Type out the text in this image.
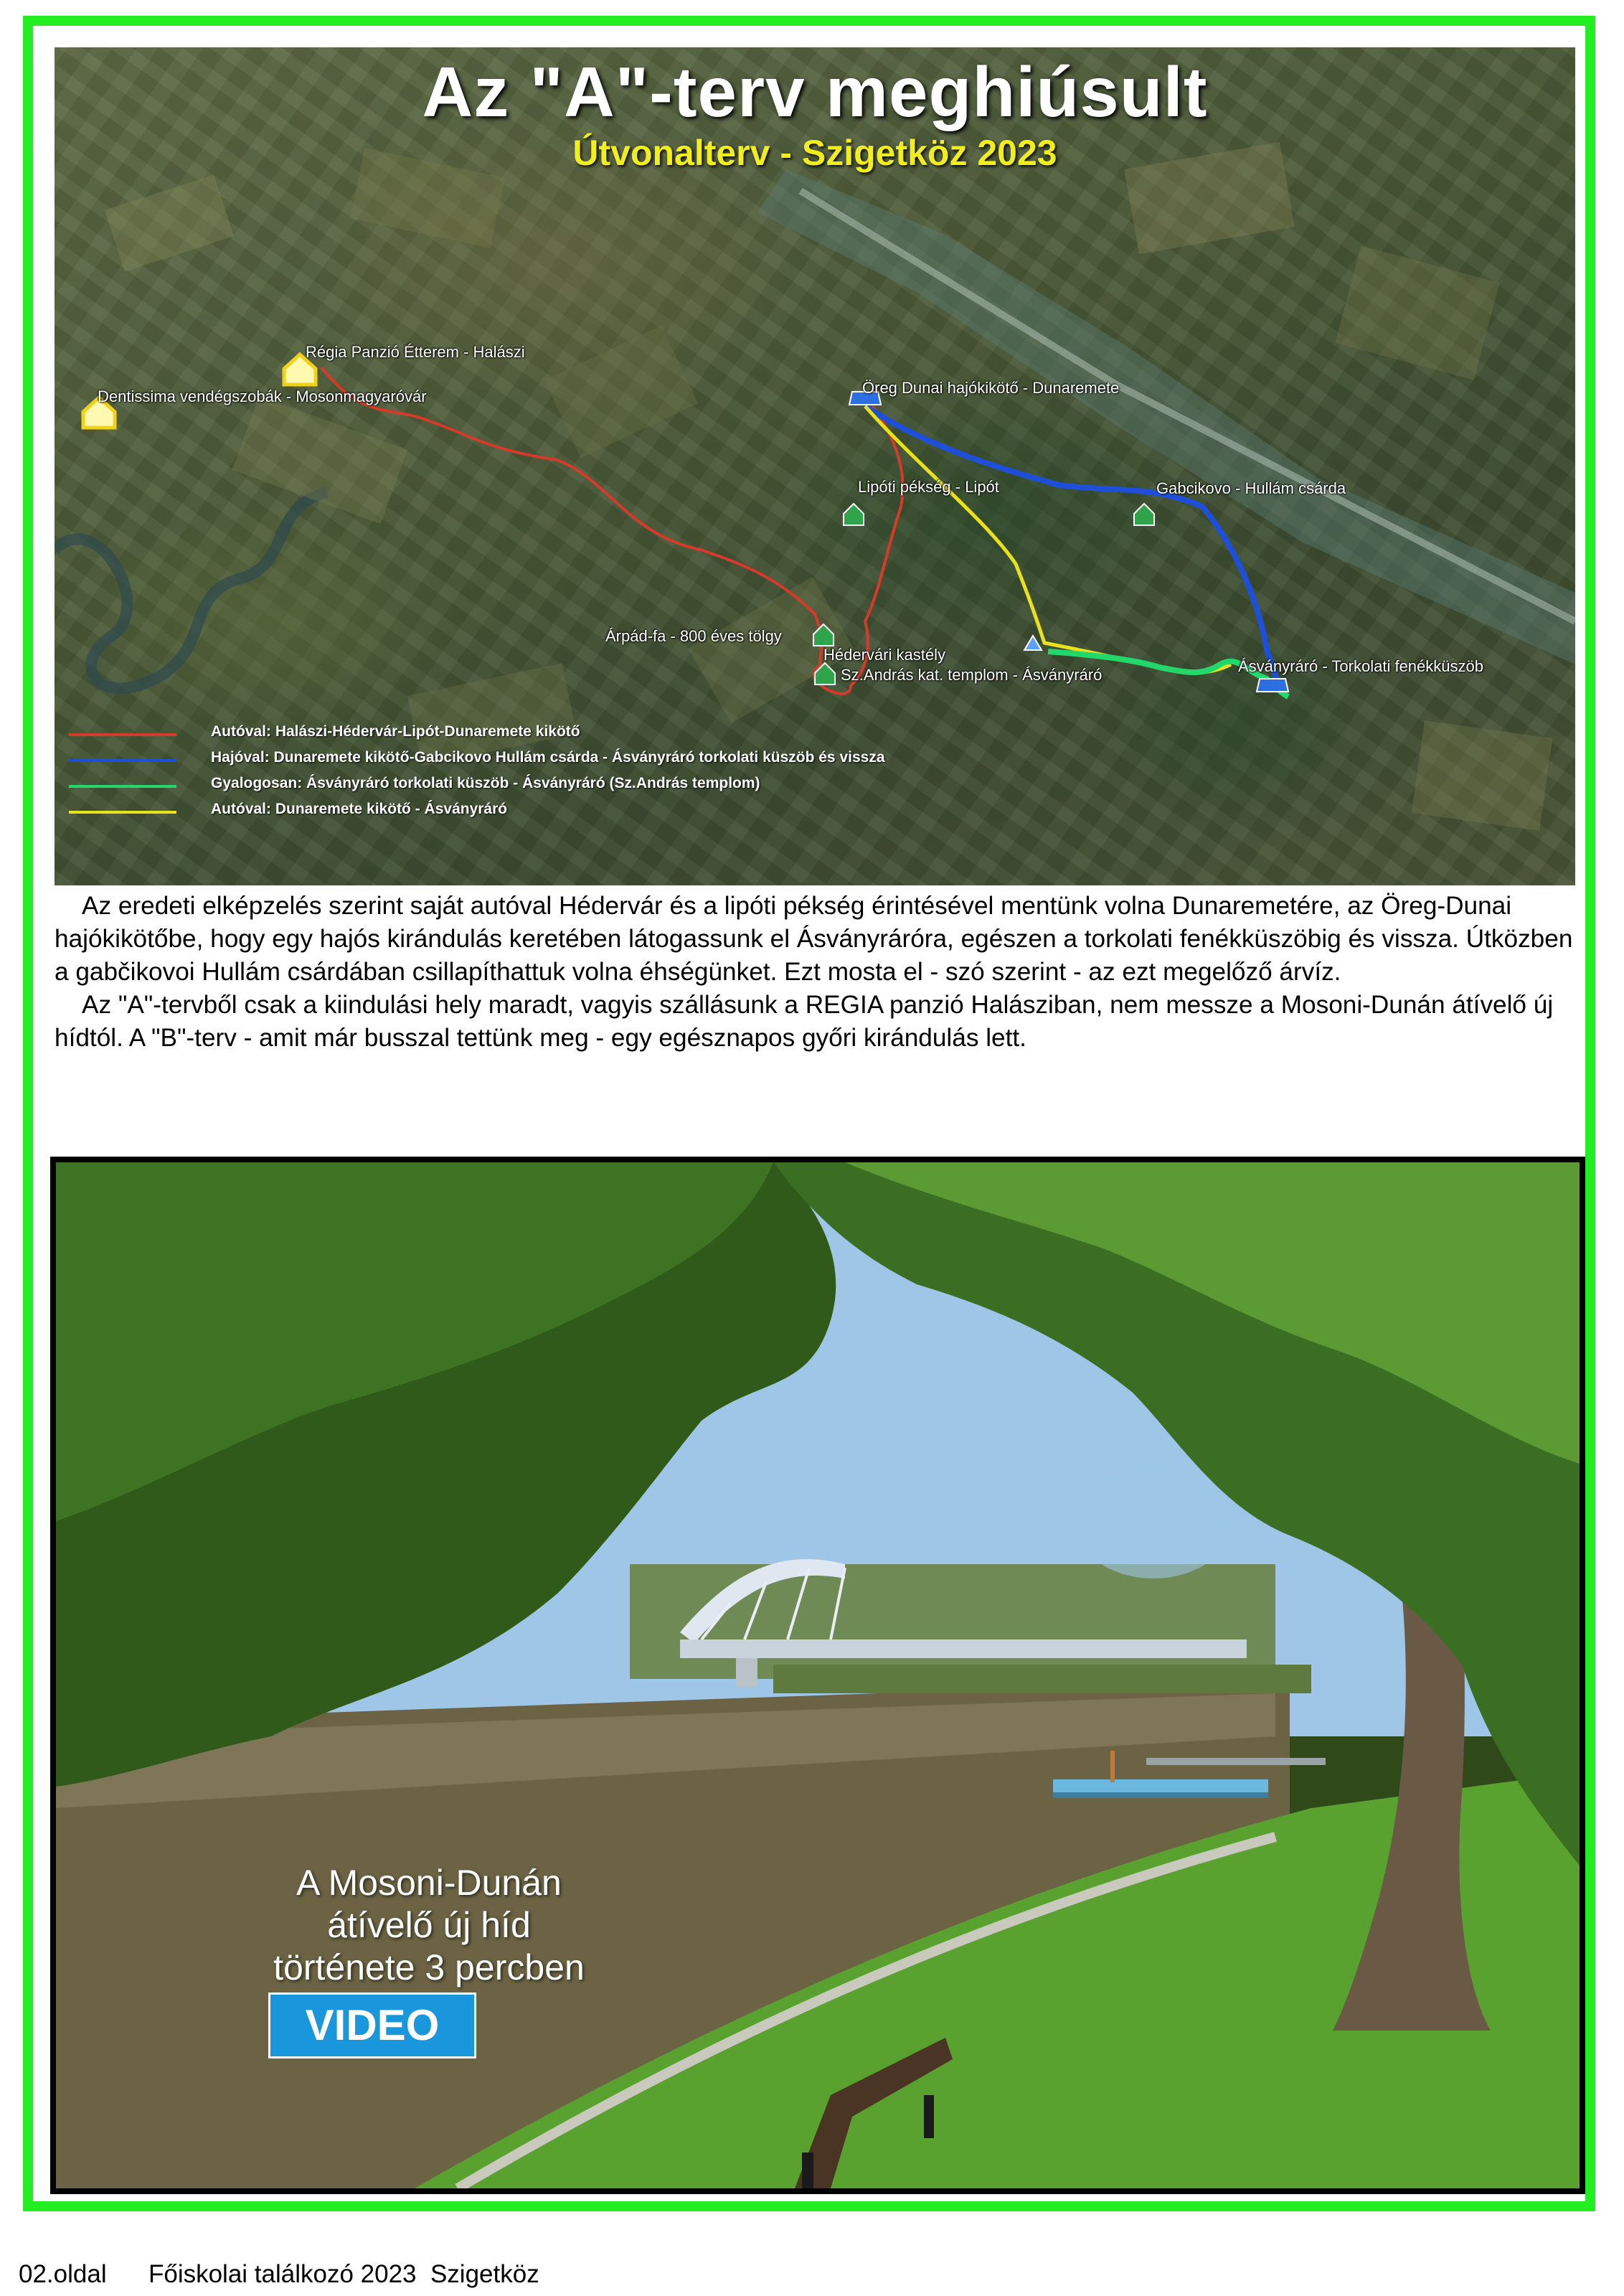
Az "A"-terv meghiúsult
Útvonalterv - Szigetköz 2023
Régia Panzió Étterem - Halászi
Dentissima vendégszobák - Mosonmagyaróvár	Öreg Dunai hajókikötő - Dunaremete
Lipóti pékség - Lipót	Gabcikovo - Hullám csárda
Árpád-fa - 800 éves tölgy
Hédervári kastély
Sz.András kat. templom - Ásványráró	Ásványráró - Torkolati fenékküszöb
Autóval: Halászi-Hédervár-Lipót-Dunaremete kikötő
Hajóval: Dunaremete kikötő-Gabcikovo Hullám csárda - Ásványráró torkolati küszöb és vissza
Gyalogosan: Ásványráró torkolati küszöb - Ásványráró (Sz.András templom)
Autóval: Dunaremete kikötő - Ásványráró

Az eredeti elképzelés szerint saját autóval Hédervár és a lipóti pékség érintésével mentünk volna Dunaremetére, az Öreg-Dunai hajókikötőbe, hogy egy hajós kirándulás keretében látogassunk el Ásványráróra, egészen a torkolati fenékküszöbig és vissza. Útközben a gabčikovoi Hullám csárdában csillapíthattuk volna éhségünket. Ezt mosta el - szó szerint - az ezt megelőző árvíz.

Az "A"-tervből csak a kiindulási hely maradt, vagyis szállásunk a REGIA panzió Halásziban, nem messze a Mosoni-Dunán átívelő új hídtól. A "B"-terv - amit már busszal tettünk meg - egy egésznapos győri kirándulás lett.

A Mosoni-Dunán
átívelő új híd
története 3 percben
VIDEO
02.oldal Főiskolai találkozó 2023  Szigetköz
